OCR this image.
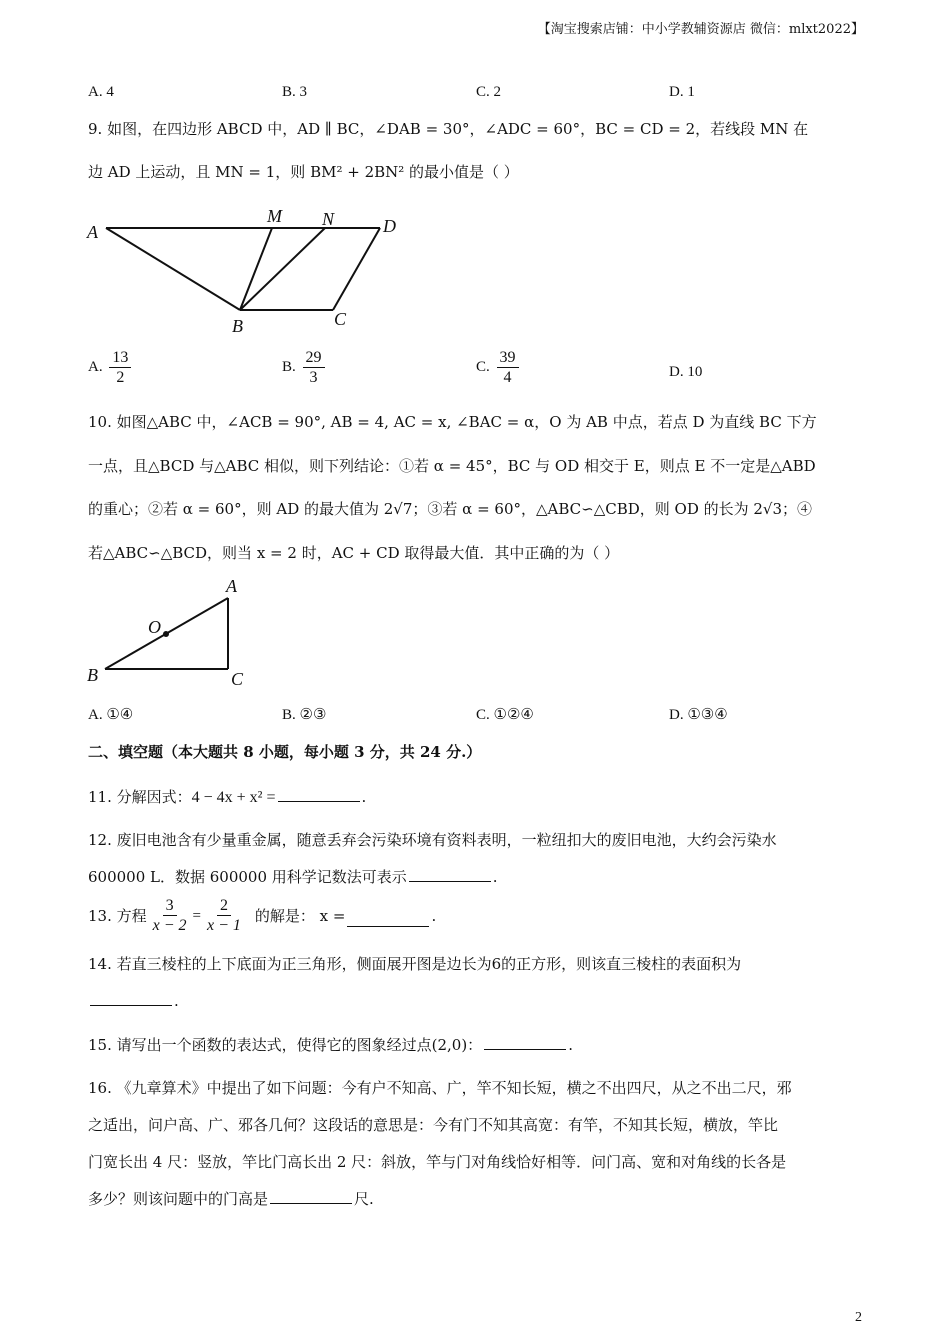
【淘宝搜索店铺：中小学教辅资源店 微信：mlxt2022】
A. 4	B. 3	C. 2	D. 1
9. 如图，在四边形 ABCD 中，AD ∥ BC，∠DAB = 30°，∠ADC = 60°，BC = CD = 2，若线段 MN 在
边 AD 上运动，且 MN = 1，则 BM² + 2BN² 的最小值是（ ）
A
M N	D
B	C
A. $\frac{13}{2}$	B. $\frac{29}{3}$	C. $\frac{39}{4}$	D. 10
10. 如图△ABC 中，∠ACB = 90°, AB = 4, AC = x, ∠BAC = α，O 为 AB 中点，若点 D 为直线 BC 下方
一点，且△BCD 与△ABC 相似，则下列结论：①若 α = 45°，BC 与 OD 相交于 E，则点 E 不一定是△ABD
的重心；②若 α = 60°，则 AD 的最大值为 2√7；③若 α = 60°，△ABC∽△CBD，则 OD 的长为 2√3；④
若△ABC∽△BCD，则当 x = 2 时，AC + CD 取得最大值．其中正确的为（ ）
A
O
B	C
A. ①④	B. ②③	C. ①②④	D. ①③④
二、填空题（本大题共 8 小题，每小题 3 分，共 24 分.）
11. 分解因式：4 − 4x + x² =	.
12. 废旧电池含有少量重金属，随意丢弃会污染环境有资料表明，一粒纽扣大的废旧电池，大约会污染水
600000 L．数据 600000 用科学记数法可表示	.
13. 方程 $\frac{3}{x - 2} = \frac{2}{x - 1}$ 的解是： x =	.
14. 若直三棱柱的上下底面为正三角形，侧面展开图是边长为6的正方形，则该直三棱柱的表面积为
.
15. 请写出一个函数的表达式，使得它的图象经过点(2,0)：	.
16. 《九章算术》中提出了如下问题：今有户不知高、广，竿不知长短，横之不出四尺，从之不出二尺，邪
之适出，问户高、广、邪各几何？这段话的意思是：今有门不知其高宽：有竿，不知其长短，横放，竿比
门宽长出 4 尺：竖放，竿比门高长出 2 尺：斜放，竿与门对角线恰好相等．问门高、宽和对角线的长各是
多少？则该问题中的门高是	尺.
2
